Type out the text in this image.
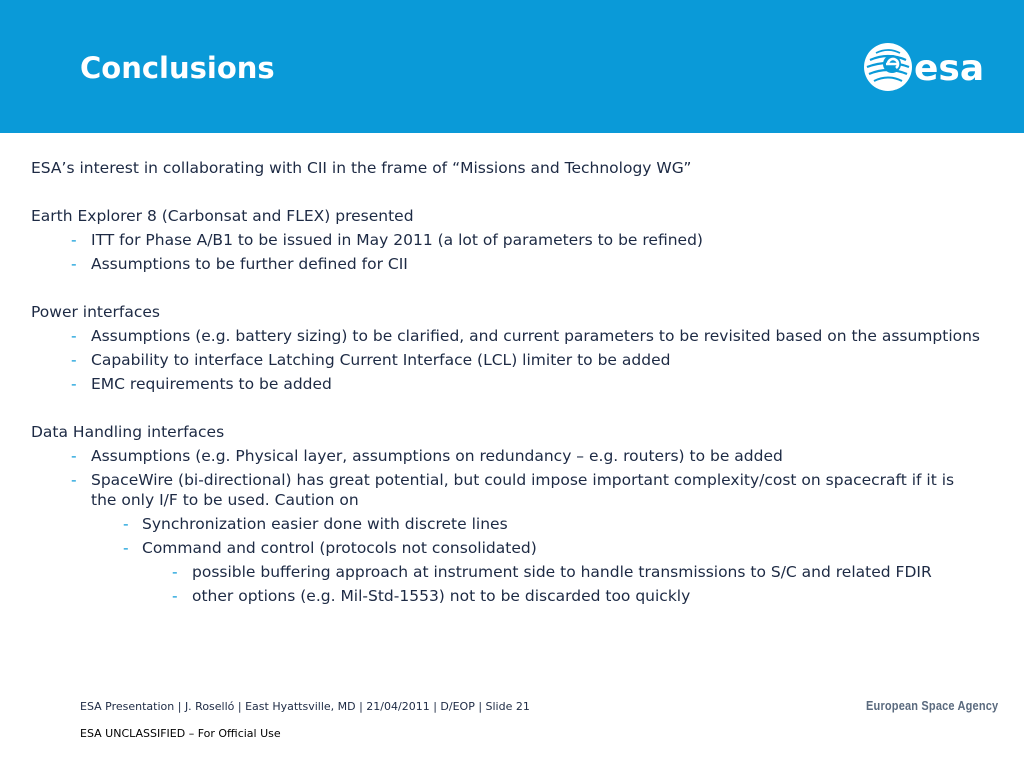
Conclusions	esa

ESA’s interest in collaborating with CII in the frame of “Missions and Technology WG”

Earth Explorer 8 (Carbonsat and FLEX) presented

- ITT for Phase A/B1 to be issued in May 2011 (a lot of parameters to be refined)

- Assumptions to be further defined for CII

Power interfaces

- Assumptions (e.g. battery sizing) to be clarified, and current parameters to be revisited based on the assumptions

- Capability to interface Latching Current Interface (LCL) limiter to be added

- EMC requirements to be added

Data Handling interfaces

- Assumptions (e.g. Physical layer, assumptions on redundancy – e.g. routers) to be added

- SpaceWire (bi-directional) has great potential, but could impose important complexity/cost on spacecraft if it is the only I/F to be used. Caution on

- Synchronization easier done with discrete lines

- Command and control (protocols not consolidated)

- possible buffering approach at instrument side to handle transmissions to S/C and related FDIR

- other options (e.g. Mil-Std-1553) not to be discarded too quickly

ESA Presentation | J. Roselló | East Hyattsville, MD | 21/04/2011 | D/EOP | Slide 21
ESA UNCLASSIFIED – For Official Use
European Space Agency
